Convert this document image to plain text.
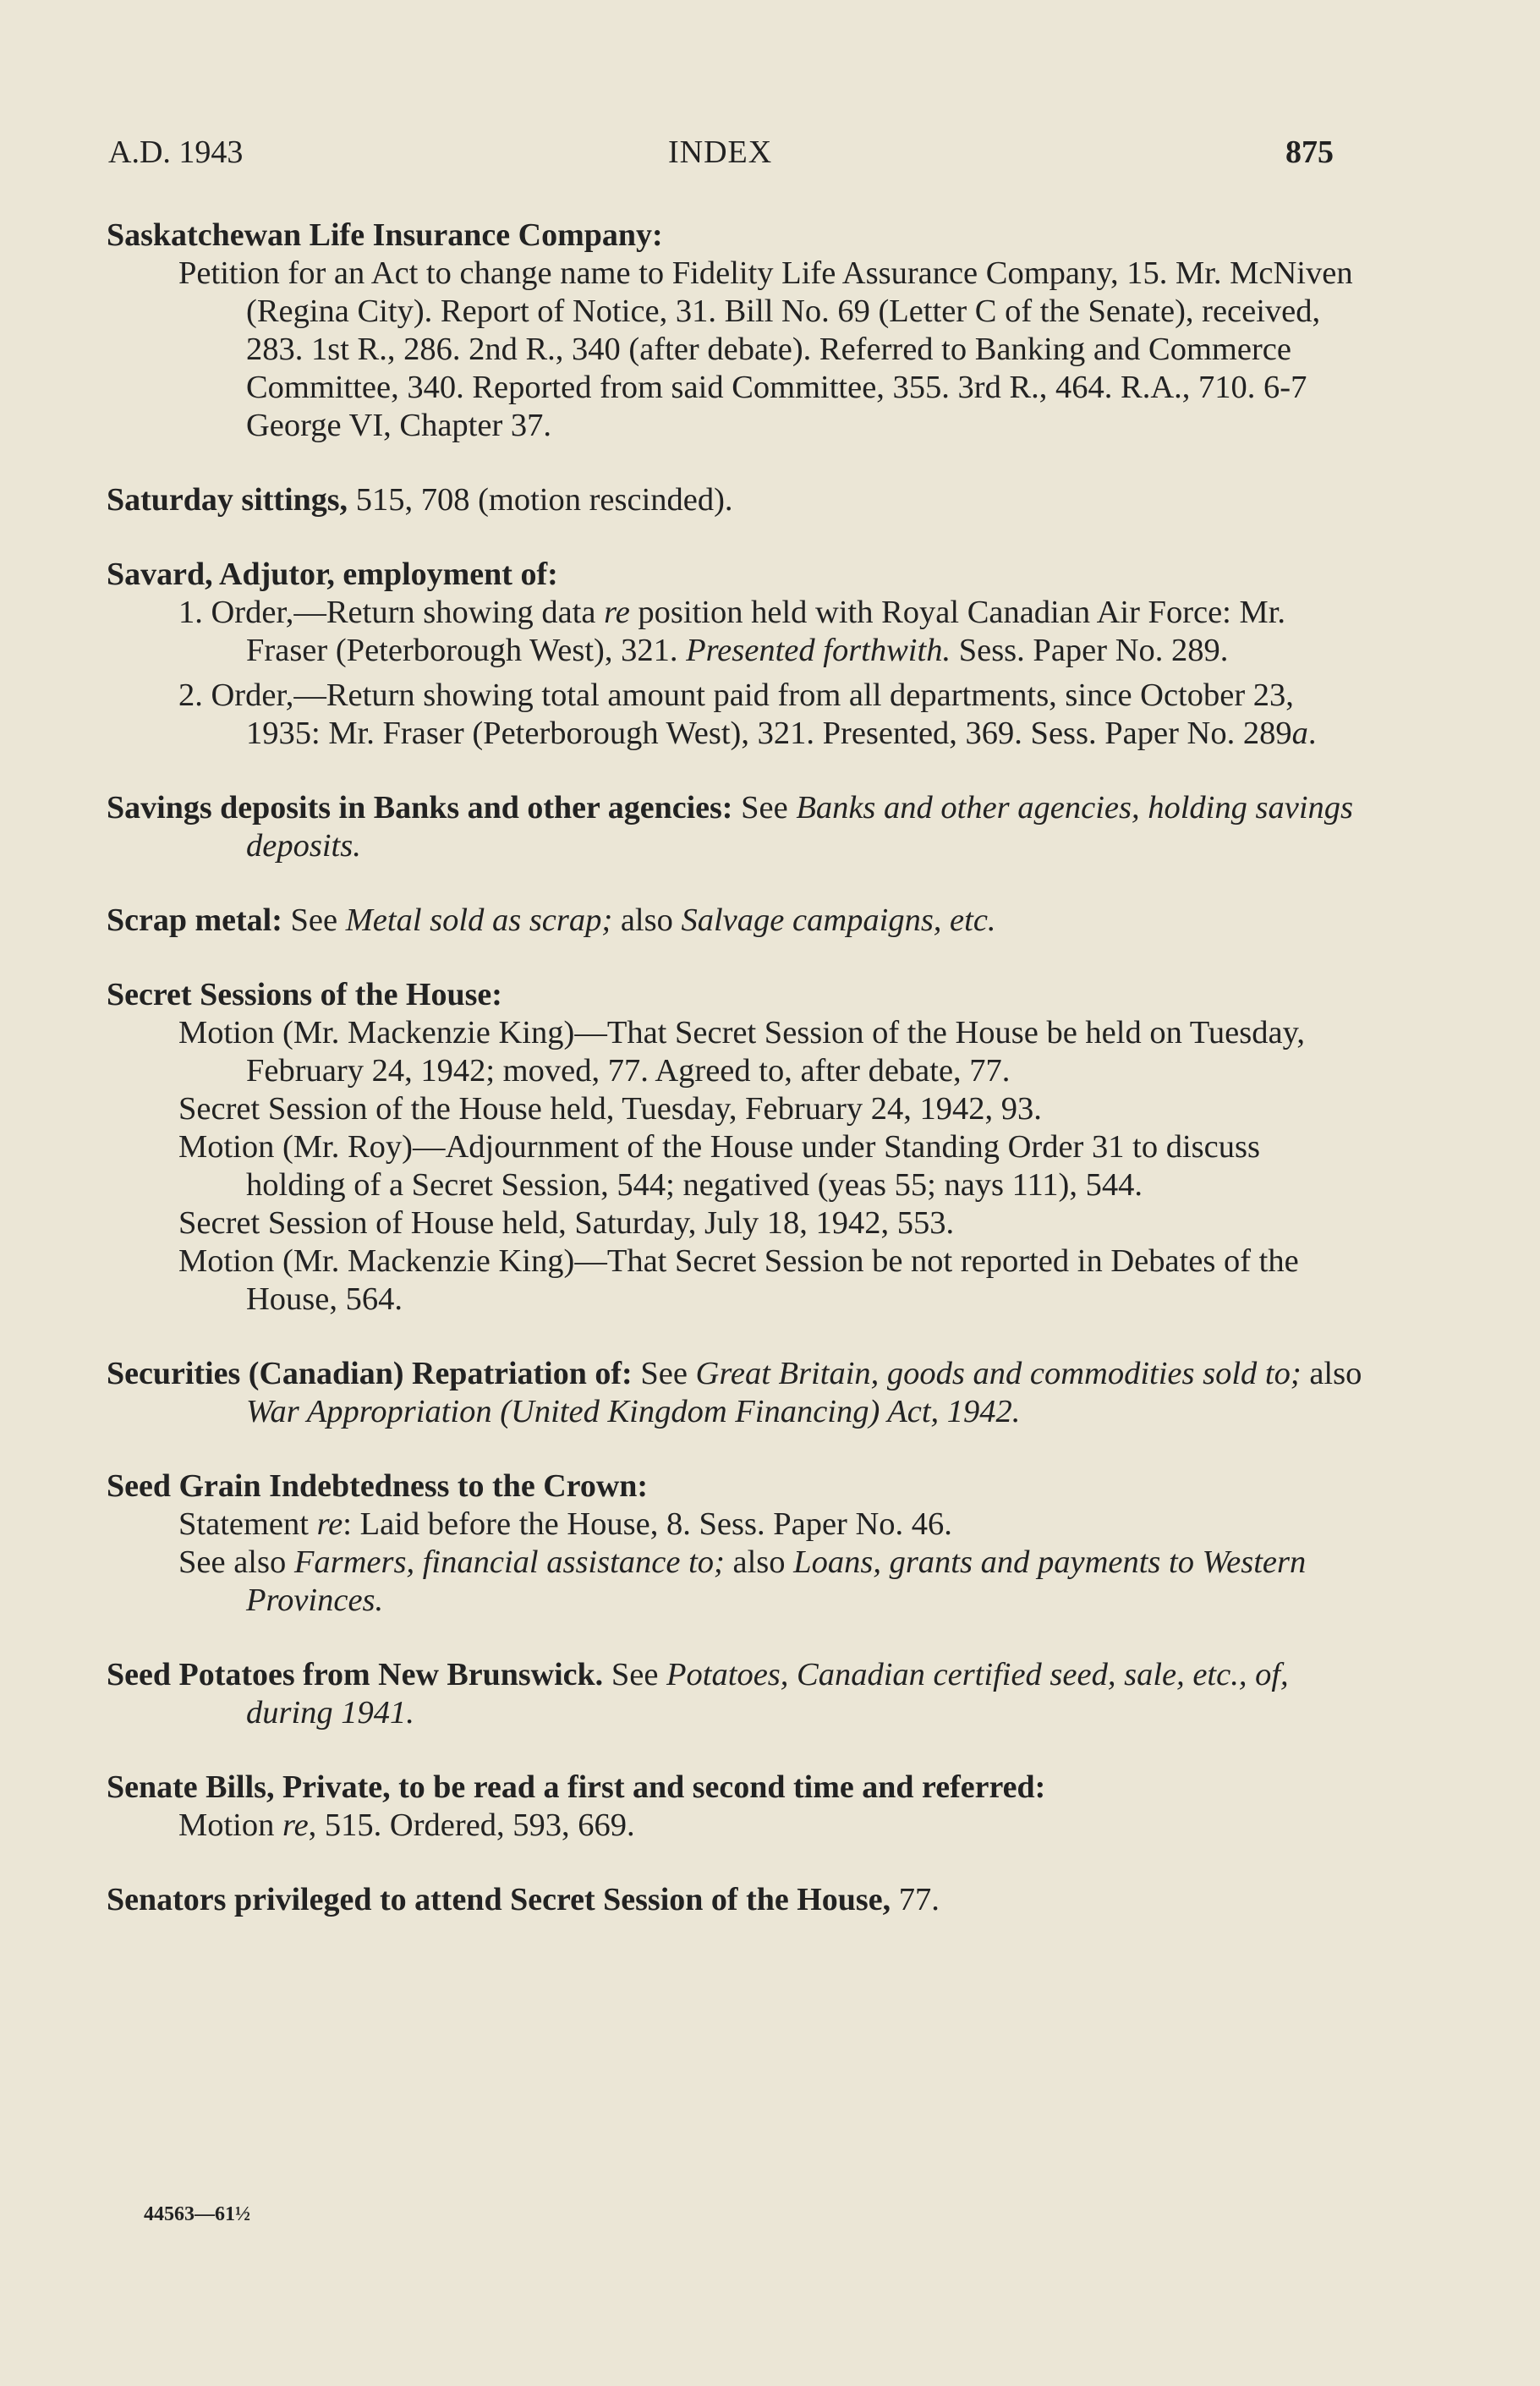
A.D. 1943	INDEX	875
Saskatchewan Life Insurance Company:
Petition for an Act to change name to Fidelity Life Assurance Company, 15. Mr. McNiven (Regina City). Report of Notice, 31. Bill No. 69 (Letter C of the Senate), received, 283. 1st R., 286. 2nd R., 340 (after debate). Referred to Banking and Commerce Committee, 340. Reported from said Committee, 355. 3rd R., 464. R.A., 710. 6-7 George VI, Chapter 37.
Saturday sittings, 515, 708 (motion rescinded).
Savard, Adjutor, employment of:
1. Order,—Return showing data re position held with Royal Canadian Air Force: Mr. Fraser (Peterborough West), 321. Presented forthwith. Sess. Paper No. 289.
2. Order,—Return showing total amount paid from all departments, since October 23, 1935: Mr. Fraser (Peterborough West), 321. Presented, 369. Sess. Paper No. 289a.
Savings deposits in Banks and other agencies: See Banks and other agencies, holding savings deposits.
Scrap metal: See Metal sold as scrap; also Salvage campaigns, etc.
Secret Sessions of the House:
Motion (Mr. Mackenzie King)—That Secret Session of the House be held on Tuesday, February 24, 1942; moved, 77. Agreed to, after debate, 77.
Secret Session of the House held, Tuesday, February 24, 1942, 93.
Motion (Mr. Roy)—Adjournment of the House under Standing Order 31 to discuss holding of a Secret Session, 544; negatived (yeas 55; nays 111), 544.
Secret Session of House held, Saturday, July 18, 1942, 553.
Motion (Mr. Mackenzie King)—That Secret Session be not reported in Debates of the House, 564.
Securities (Canadian) Repatriation of: See Great Britain, goods and commodities sold to; also War Appropriation (United Kingdom Financing) Act, 1942.
Seed Grain Indebtedness to the Crown:
Statement re: Laid before the House, 8. Sess. Paper No. 46.
See also Farmers, financial assistance to; also Loans, grants and payments to Western Provinces.
Seed Potatoes from New Brunswick. See Potatoes, Canadian certified seed, sale, etc., of, during 1941.
Senate Bills, Private, to be read a first and second time and referred:
Motion re, 515. Ordered, 593, 669.
Senators privileged to attend Secret Session of the House, 77.
44563—61½
